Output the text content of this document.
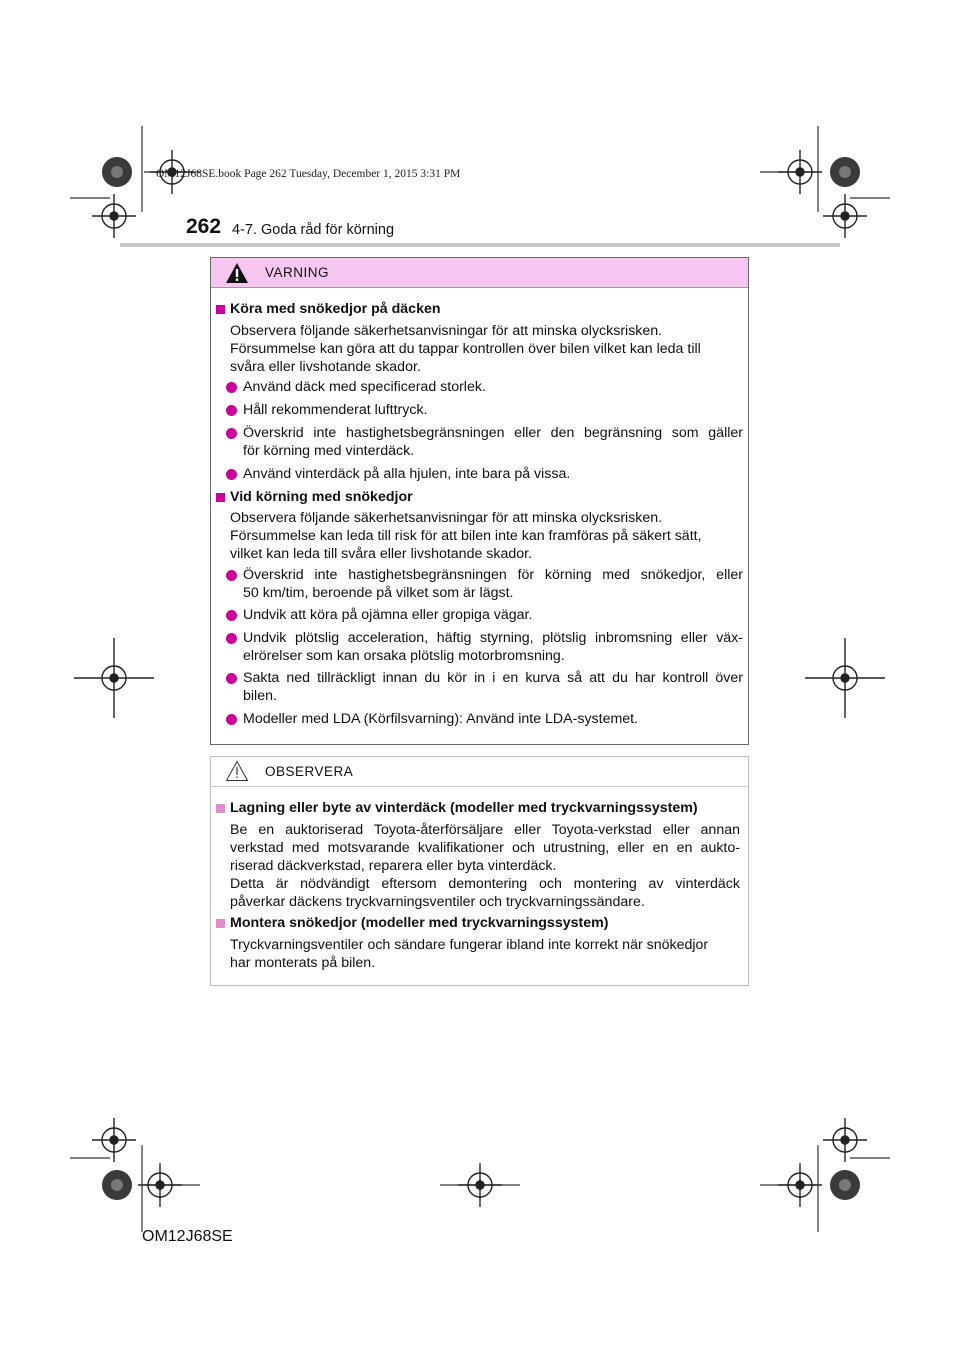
OM12J68SE.book Page 262 Tuesday, December 1, 2015 3:31 PM
262 4-7. Goda råd för körning
VARNING
Köra med snökedjor på däcken
Observera följande säkerhetsanvisningar för att minska olycksrisken.
Försummelse kan göra att du tappar kontrollen över bilen vilket kan leda till
svåra eller livshotande skador.
Använd däck med specificerad storlek.
Håll rekommenderat lufttryck.
Överskrid inte hastighetsbegränsningen eller den begränsning som gäller
för körning med vinterdäck.
Använd vinterdäck på alla hjulen, inte bara på vissa.
Vid körning med snökedjor
Observera följande säkerhetsanvisningar för att minska olycksrisken.
Försummelse kan leda till risk för att bilen inte kan framföras på säkert sätt,
vilket kan leda till svåra eller livshotande skador.
Överskrid inte hastighetsbegränsningen för körning med snökedjor, eller
50 km/tim, beroende på vilket som är lägst.
Undvik att köra på ojämna eller gropiga vägar.
Undvik plötslig acceleration, häftig styrning, plötslig inbromsning eller väx-
elrörelser som kan orsaka plötslig motorbromsning.
Sakta ned tillräckligt innan du kör in i en kurva så att du har kontroll över
bilen.
Modeller med LDA (Körfilsvarning): Använd inte LDA-systemet.
OBSERVERA
Lagning eller byte av vinterdäck (modeller med tryckvarningssystem)
Be en auktoriserad Toyota-återförsäljare eller Toyota-verkstad eller annan
verkstad med motsvarande kvalifikationer och utrustning, eller en en aukto-
riserad däckverkstad, reparera eller byta vinterdäck.
Detta är nödvändigt eftersom demontering och montering av vinterdäck
påverkar däckens tryckvarningsventiler och tryckvarningssändare.
Montera snökedjor (modeller med tryckvarningssystem)
Tryckvarningsventiler och sändare fungerar ibland inte korrekt när snökedjor
har monterats på bilen.
OM12J68SE
